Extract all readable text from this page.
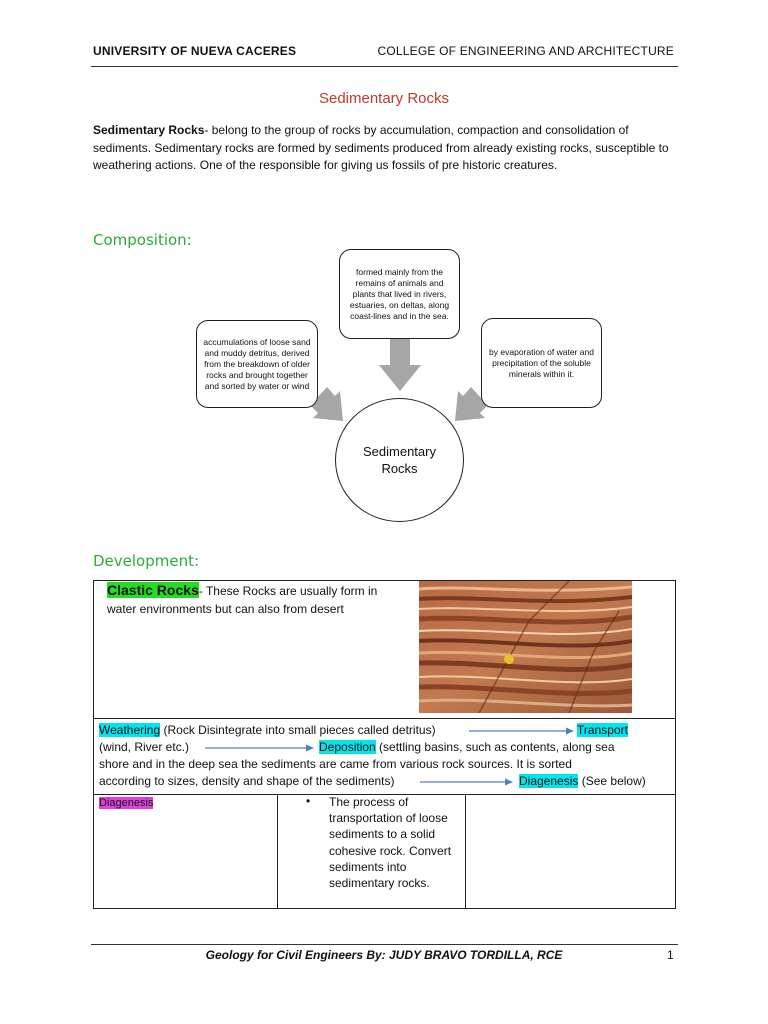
UNIVERSITY OF NUEVA CACERES	COLLEGE OF ENGINEERING AND ARCHITECTURE
Sedimentary Rocks
Sedimentary Rocks- belong to the group of rocks by accumulation, compaction and consolidation of sediments. Sedimentary rocks are formed by sediments produced from already existing rocks, susceptible to weathering actions. One of the responsible for giving us fossils of pre historic creatures.
Composition:
formed mainly from the remains of animals and plants that lived in rivers, estuaries, on deltas, along coast-lines and in the sea.
accumulations of loose sand and muddy detritus, derived from the breakdown of older rocks and brought together and sorted by water or wind
by evaporation of water and precipitation of the soluble minerals within it.
Sedimentary Rocks
Development:
Clastic Rocks- These Rocks are usually form in water environments but can also from desert
Weathering (Rock Disintegrate into small pieces called detritus)	Transport
(wind, River etc.)	Deposition (settling basins, such as contents, along sea
shore and in the deep sea the sediments are came from various rock sources. It is sorted
according to sizes, density and shape of the sediments)	Diagenesis (See below)
Diagenesis	• The process of transportation of loose sediments to a solid cohesive rock. Convert sediments into sedimentary rocks.
Geology for Civil Engineers By: JUDY BRAVO TORDILLA, RCE	1
